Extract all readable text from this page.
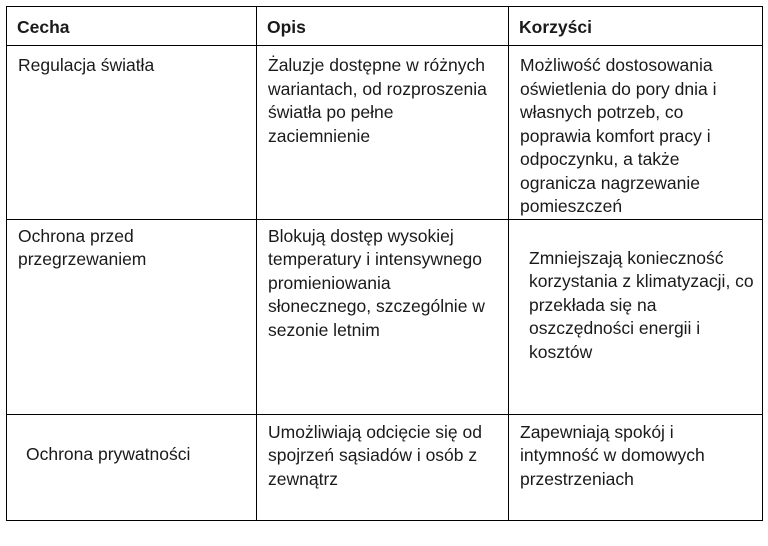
Cecha	Opis	Korzyści

Regulacja światła	Żaluzje dostępne w różnych wariantach, od rozproszenia światła po pełne zaciemnienie	Możliwość dostosowania oświetlenia do pory dnia i własnych potrzeb, co poprawia komfort pracy i odpoczynku, a także ogranicza nagrzewanie pomieszczeń

Ochrona przed przegrzewaniem	Blokują dostęp wysokiej temperatury i intensywnego promieniowania słonecznego, szczególnie w sezonie letnim	Zmniejszają konieczność korzystania z klimatyzacji, co przekłada się na oszczędności energii i kosztów

Ochrona prywatności	Umożliwiają odcięcie się od spojrzeń sąsiadów i osób z zewnątrz	Zapewniają spokój i intymność w domowych przestrzeniach
